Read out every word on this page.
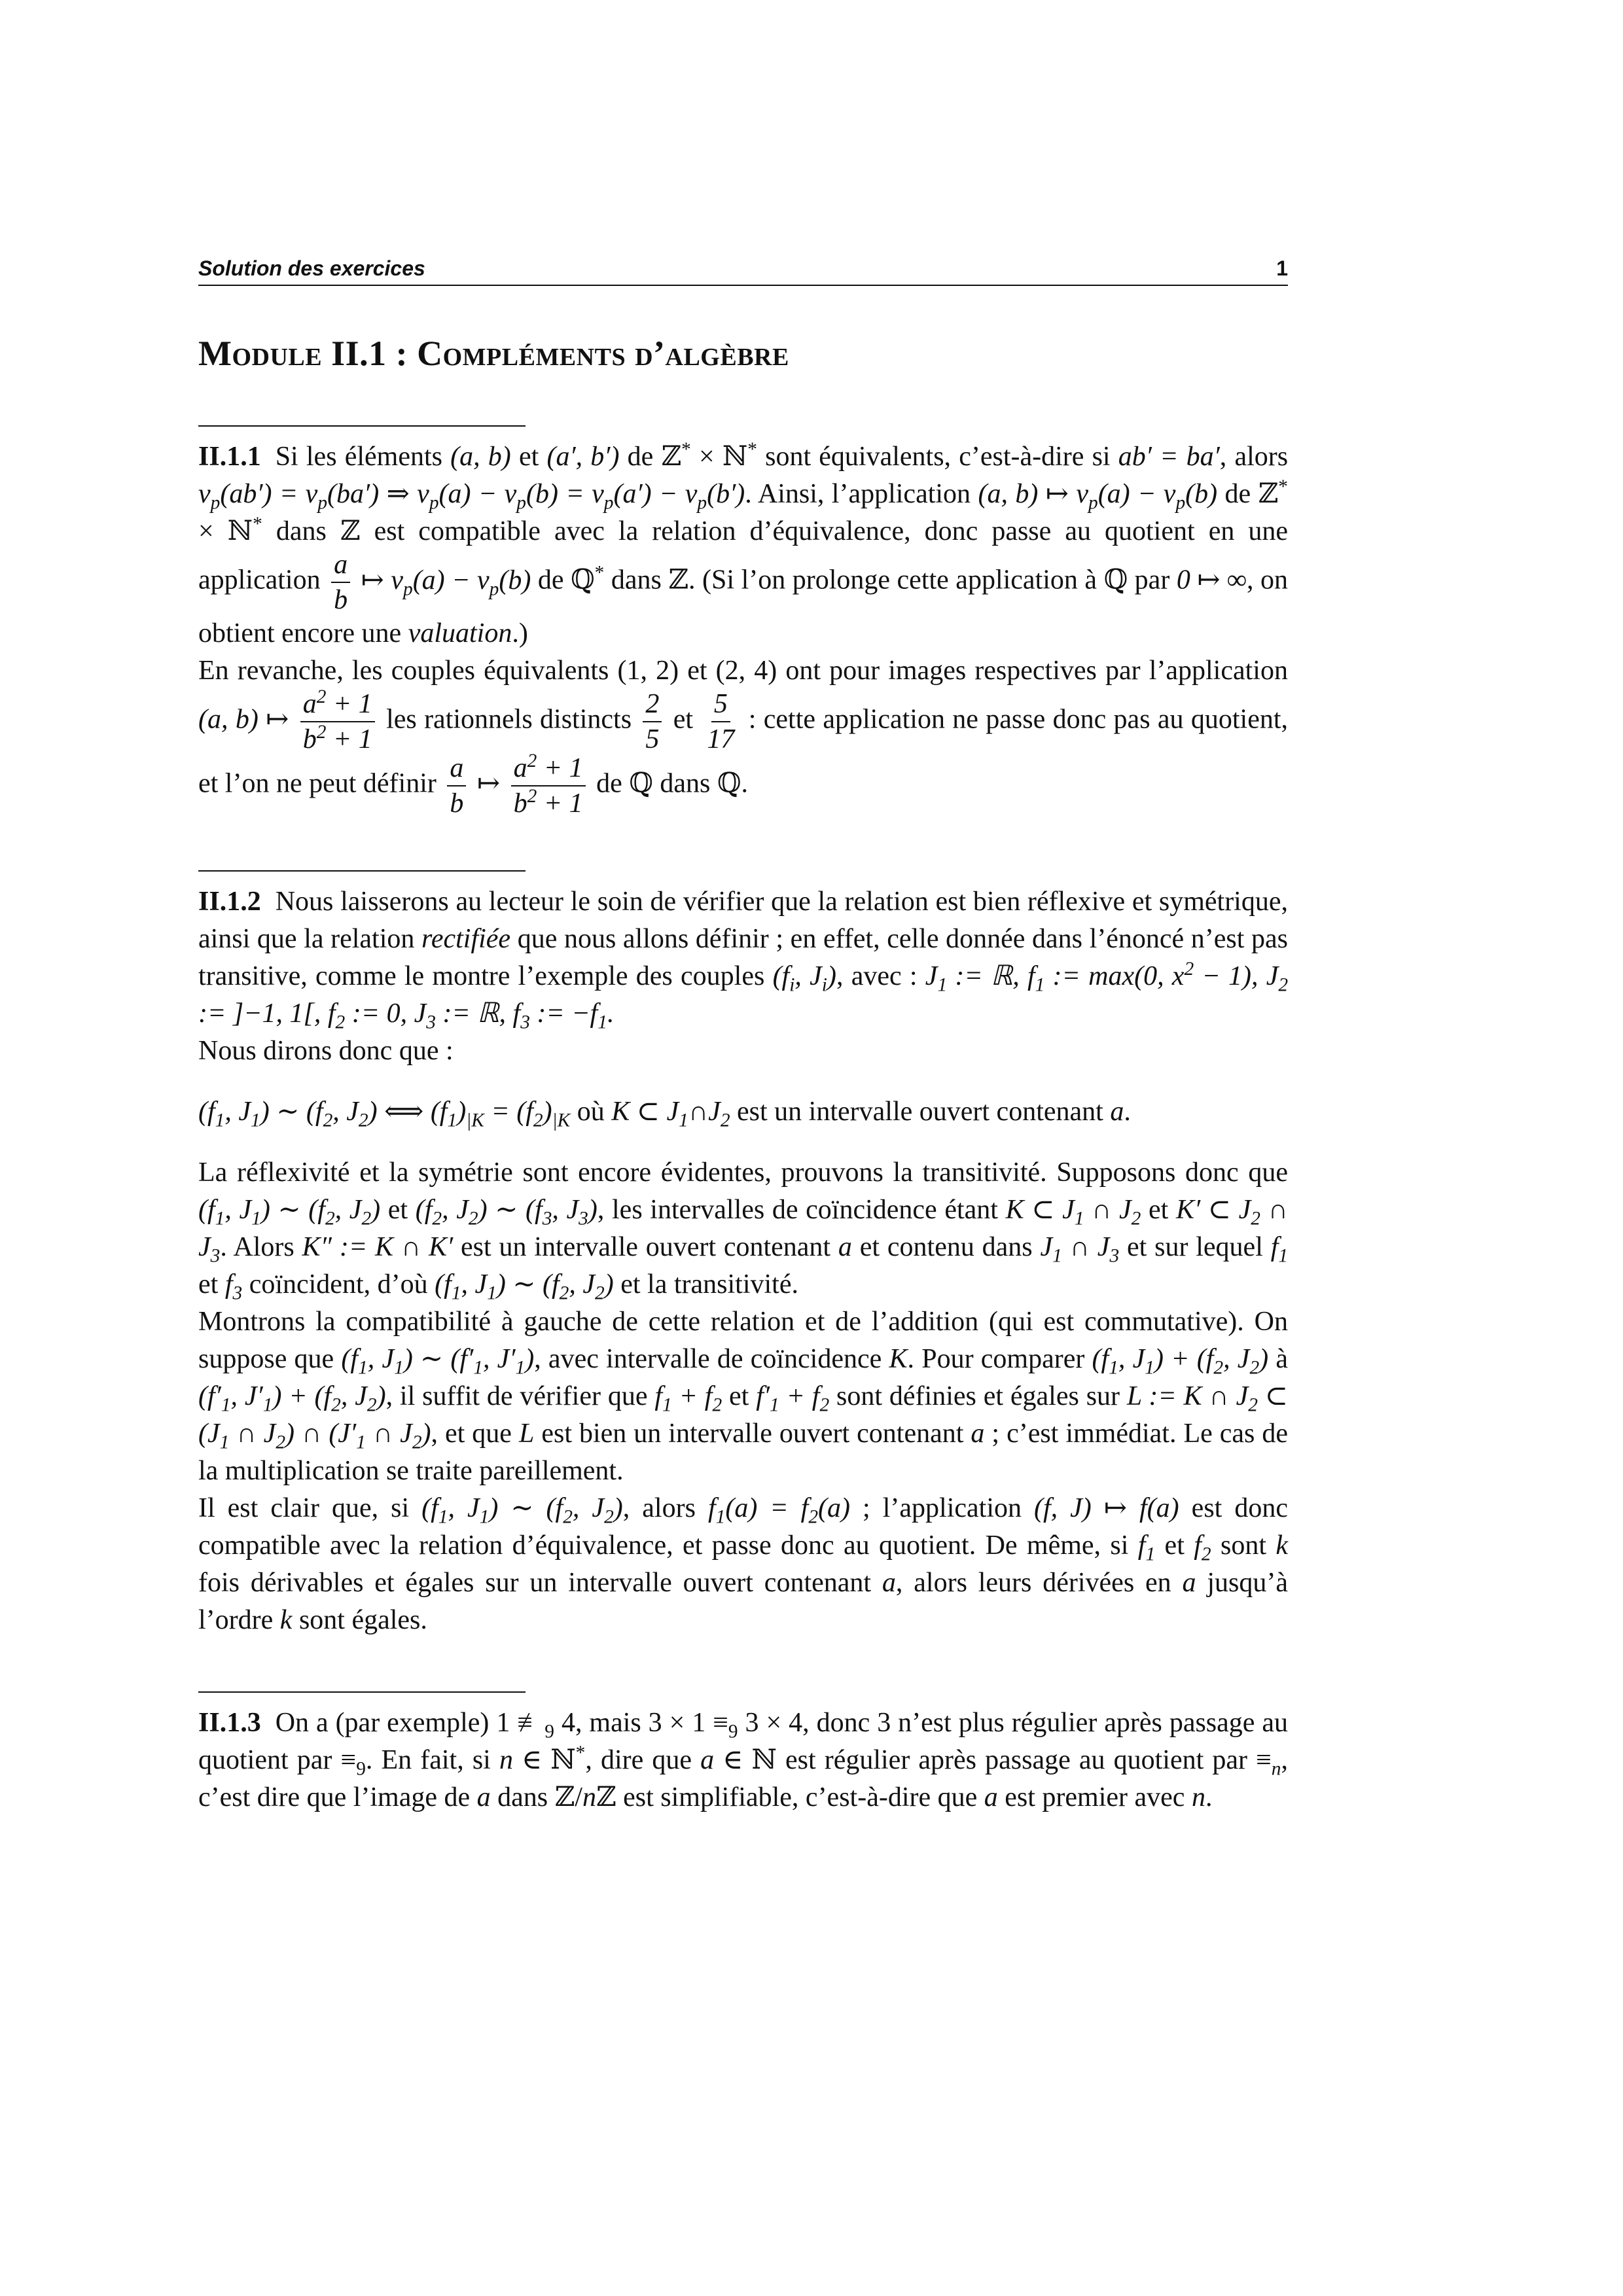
Solution des exercices	1
Module II.1 : Compléments d’algèbre

II.1.1 Si les éléments (a, b) et (a′, b′) de ℤ* × ℕ* sont équivalents, c’est-à-dire si ab′ = ba′, alors $v_p(ab') = v_p(ba')$ ⇒ $v_p(a) - v_p(b) = v_p(a') - v_p(b')$. Ainsi, l’application (a, b) ↦ $v_p(a) - v_p(b)$ de ℤ* × ℕ* dans ℤ est compatible avec la relation d’équivalence, donc passe au quotient en une application $\frac{a}{b}$ ↦ $v_p(a) - v_p(b)$ de ℚ* dans ℤ. (Si l’on prolonge cette application à ℚ par 0 ↦ ∞, on obtient encore une valuation.)

En revanche, les couples équivalents (1, 2) et (2, 4) ont pour images respectives par l’application (a, b) ↦ $\frac{a^2 + 1}{b^2 + 1}$ les rationnels distincts $\frac{2}{5}$ et $\frac{5}{17}$ : cette application ne passe donc pas au quotient, et l’on ne peut définir $\frac{a}{b}$ ↦ $\frac{a^2 + 1}{b^2 + 1}$ de ℚ dans ℚ.

II.1.2 Nous laisserons au lecteur le soin de vérifier que la relation est bien réflexive et symétrique, ainsi que la relation rectifiée que nous allons définir ; en effet, celle donnée dans l’énoncé n’est pas transitive, comme le montre l’exemple des couples ($f_i$, $J_i$), avec : $J_1$ := ℝ, $f_1$ := max(0, $x^2 - 1$), $J_2$ := ]−1, 1[, $f_2$ := 0, $J_3$ := ℝ, $f_3$ := $-f_1$.

Nous dirons donc que :

($f_1$, $J_1$) ∼ ($f_2$, $J_2$) ⟺ $(f_1)_{|K} = (f_2)_{|K}$ où K ⊂ $J_1\cap J_2$ est un intervalle ouvert contenant a.

La réflexivité et la symétrie sont encore évidentes, prouvons la transitivité. Supposons donc que ($f_1$, $J_1$) ∼ ($f_2$, $J_2$) et ($f_2$, $J_2$) ∼ ($f_3$, $J_3$), les intervalles de coïncidence étant K ⊂ $J_1$ ∩ $J_2$ et K′ ⊂ $J_2$ ∩ $J_3$. Alors K″ := K ∩ K′ est un intervalle ouvert contenant a et contenu dans $J_1$ ∩ $J_3$ et sur lequel $f_1$ et $f_3$ coïncident, d’où ($f_1$, $J_1$) ∼ ($f_2$, $J_2$) et la transitivité.

Montrons la compatibilité à gauche de cette relation et de l’addition (qui est commutative). On suppose que ($f_1$, $J_1$) ∼ ($f'_1$, $J'_1$), avec intervalle de coïncidence K. Pour comparer ($f_1$, $J_1) + (f_2$, $J_2$) à ($f'_1$, $J'_1) + (f_2$, $J_2$), il suffit de vérifier que $f_1 + f_2$ et $f'_1 + f_2$ sont définies et égales sur L := K ∩ $J_2$ ⊂ ($J_1$ ∩ $J_2$) ∩ ($J'_1$ ∩ $J_2$), et que L est bien un intervalle ouvert contenant a ; c’est immédiat. Le cas de la multiplication se traite pareillement.

Il est clair que, si ($f_1$, $J_1$) ∼ ($f_2$, $J_2$), alors $f_1(a) = f_2(a)$ ; l’application (f, J) ↦ f(a) est donc compatible avec la relation d’équivalence, et passe donc au quotient. De même, si $f_1$ et $f_2$ sont k fois dérivables et égales sur un intervalle ouvert contenant a, alors leurs dérivées en a jusqu’à l’ordre k sont égales.

II.1.3 On a (par exemple) 1 $≢_9$ 4, mais $3 \times 1 \equiv_9$ 3 × 4, donc 3 n’est plus régulier après passage au quotient par $\equiv_9$. En fait, si n ∈ ℕ*, dire que a ∈ ℕ est régulier après passage au quotient par $\equiv_n$, c’est dire que l’image de a dans ℤ/nℤ est simplifiable, c’est-à-dire que a est premier avec n.
